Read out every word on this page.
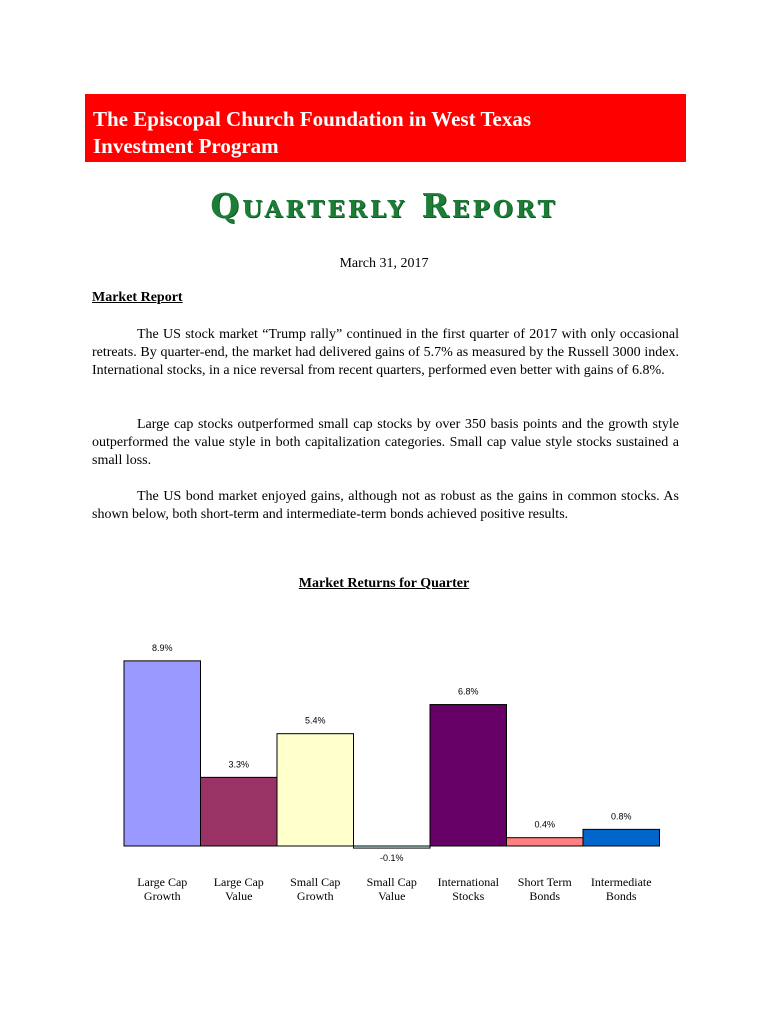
The Episcopal Church Foundation in West Texas
Investment Program
Quarterly Report
March 31, 2017
Market Report
The US stock market “Trump rally” continued in the first quarter of 2017 with only occasional retreats. By quarter-end, the market had delivered gains of 5.7% as measured by the Russell 3000 index. International stocks, in a nice reversal from recent quarters, performed even better with gains of 6.8%.
Large cap stocks outperformed small cap stocks by over 350 basis points and the growth style outperformed the value style in both capitalization categories. Small cap value style stocks sustained a small loss.
The US bond market enjoyed gains, although not as robust as the gains in common stocks. As shown below, both short-term and intermediate-term bonds achieved positive results.
Market Returns for Quarter
8.9%
Large Cap
Growth
3.3%
Large Cap
Value
5.4%
Small Cap
Growth
-0.1%
Small Cap
Value
6.8%
International
Stocks
0.4%
Short Term
Bonds
0.8%
Intermediate
Bonds
